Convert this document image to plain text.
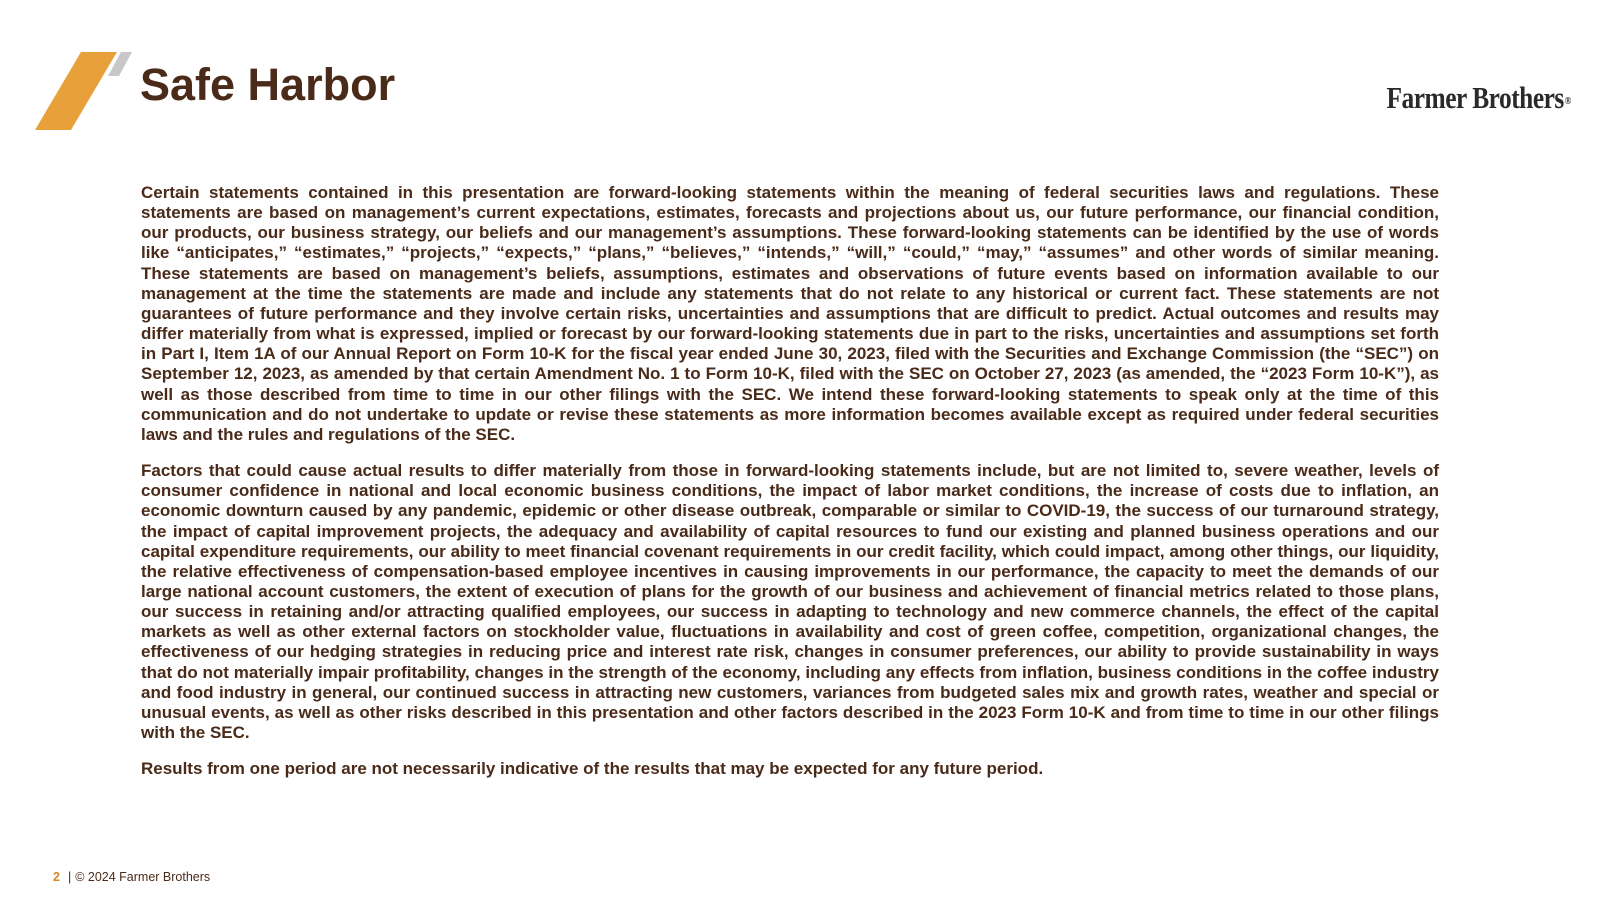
Safe Harbor	Farmer Brothers®

Certain statements contained in this presentation are forward-looking statements within the meaning of federal securities laws and regulations. These statements are based on management’s current expectations, estimates, forecasts and projections about us, our future performance, our financial condition, our products, our business strategy, our beliefs and our management’s assumptions. These forward-looking statements can be identified by the use of words like “anticipates,” “estimates,” “projects,” “expects,” “plans,” “believes,” “intends,” “will,” “could,” “may,” “assumes” and other words of similar meaning. These statements are based on management’s beliefs, assumptions, estimates and observations of future events based on information available to our management at the time the statements are made and include any statements that do not relate to any historical or current fact. These statements are not guarantees of future performance and they involve certain risks, uncertainties and assumptions that are difficult to predict. Actual outcomes and results may differ materially from what is expressed, implied or forecast by our forward-looking statements due in part to the risks, uncertainties and assumptions set forth in Part I, Item 1A of our Annual Report on Form 10-K for the fiscal year ended June 30, 2023, filed with the Securities and Exchange Commission (the “SEC”) on September 12, 2023, as amended by that certain Amendment No. 1 to Form 10-K, filed with the SEC on October 27, 2023 (as amended, the “2023 Form 10-K”), as well as those described from time to time in our other filings with the SEC. We intend these forward-looking statements to speak only at the time of this communication and do not undertake to update or revise these statements as more information becomes available except as required under federal securities laws and the rules and regulations of the SEC.

Factors that could cause actual results to differ materially from those in forward-looking statements include, but are not limited to, severe weather, levels of consumer confidence in national and local economic business conditions, the impact of labor market conditions, the increase of costs due to inflation, an economic downturn caused by any pandemic, epidemic or other disease outbreak, comparable or similar to COVID-19, the success of our turnaround strategy, the impact of capital improvement projects, the adequacy and availability of capital resources to fund our existing and planned business operations and our capital expenditure requirements, our ability to meet financial covenant requirements in our credit facility, which could impact, among other things, our liquidity, the relative effectiveness of compensation-based employee incentives in causing improvements in our performance, the capacity to meet the demands of our large national account customers, the extent of execution of plans for the growth of our business and achievement of financial metrics related to those plans, our success in retaining and/or attracting qualified employees, our success in adapting to technology and new commerce channels, the effect of the capital markets as well as other external factors on stockholder value, fluctuations in availability and cost of green coffee, competition, organizational changes, the effectiveness of our hedging strategies in reducing price and interest rate risk, changes in consumer preferences, our ability to provide sustainability in ways that do not materially impair profitability, changes in the strength of the economy, including any effects from inflation, business conditions in the coffee industry and food industry in general, our continued success in attracting new customers, variances from budgeted sales mix and growth rates, weather and special or unusual events, as well as other risks described in this presentation and other factors described in the 2023 Form 10-K and from time to time in our other filings with the SEC.

Results from one period are not necessarily indicative of the results that may be expected for any future period.

2 | © 2024 Farmer Brothers
